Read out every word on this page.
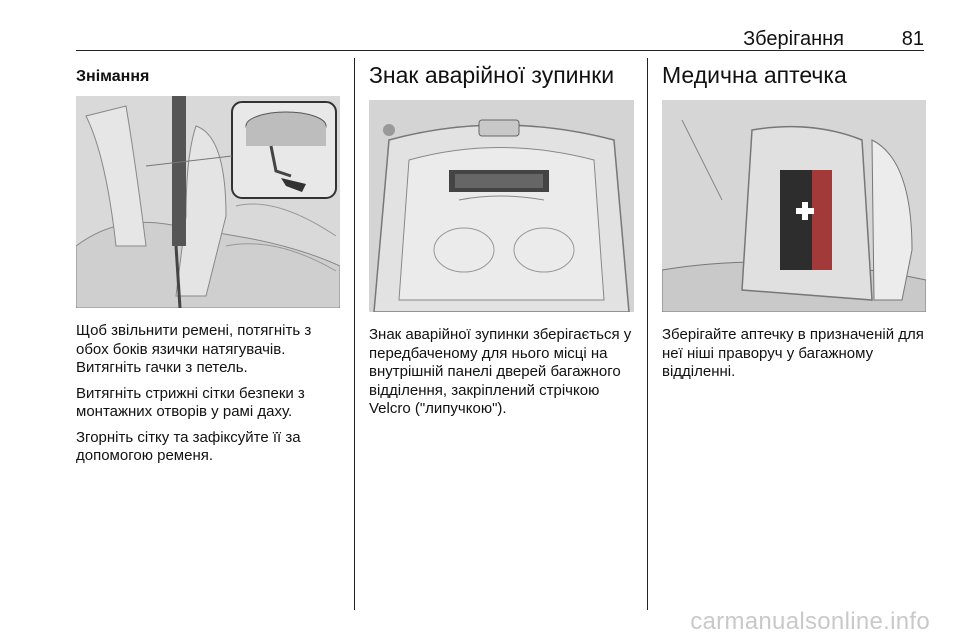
Зберігання	81
Знімання

Щоб звільнити ремені, потягніть з обох боків язички натягувачів. Витягніть гачки з петель.

Витягніть стрижні сітки безпеки з монтажних отворів у рамі даху.

Згорніть сітку та зафіксуйте її за допомогою ременя.

Знак аварійної зупинки

Знак аварійної зупинки зберігається у передбаченому для нього місці на внутрішній панелі дверей багажного відділення, закріплений стрічкою Velcro ("липучкою").

Медична аптечка

Зберігайте аптечку в призначеній для неї ніші праворуч у багажному відділенні.

carmanualsonline.info
